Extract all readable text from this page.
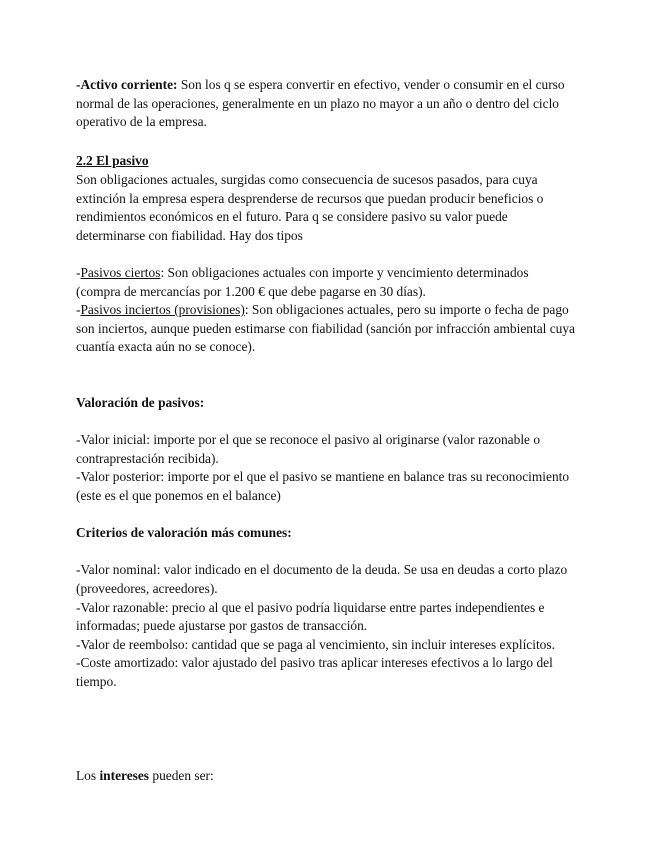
-Activo corriente: Son los q se espera convertir en efectivo, vender o consumir en el curso normal de las operaciones, generalmente en un plazo no mayor a un año o dentro del ciclo operativo de la empresa.

2.2 El pasivo

Son obligaciones actuales, surgidas como consecuencia de sucesos pasados, para cuya extinción la empresa espera desprenderse de recursos que puedan producir beneficios o rendimientos económicos en el futuro. Para q se considere pasivo su valor puede determinarse con fiabilidad. Hay dos tipos

-Pasivos ciertos: Son obligaciones actuales con importe y vencimiento determinados (compra de mercancías por 1.200 € que debe pagarse en 30 días).

-Pasivos inciertos (provisiones): Son obligaciones actuales, pero su importe o fecha de pago son inciertos, aunque pueden estimarse con fiabilidad (sanción por infracción ambiental cuya cuantía exacta aún no se conoce).

Valoración de pasivos:

-Valor inicial: importe por el que se reconoce el pasivo al originarse (valor razonable o contraprestación recibida).

-Valor posterior: importe por el que el pasivo se mantiene en balance tras su reconocimiento (este es el que ponemos en el balance)

Criterios de valoración más comunes:

-Valor nominal: valor indicado en el documento de la deuda. Se usa en deudas a corto plazo (proveedores, acreedores).

-Valor razonable: precio al que el pasivo podría liquidarse entre partes independientes e informadas; puede ajustarse por gastos de transacción.

-Valor de reembolso: cantidad que se paga al vencimiento, sin incluir intereses explícitos.

-Coste amortizado: valor ajustado del pasivo tras aplicar intereses efectivos a lo largo del tiempo.

Los intereses pueden ser:
